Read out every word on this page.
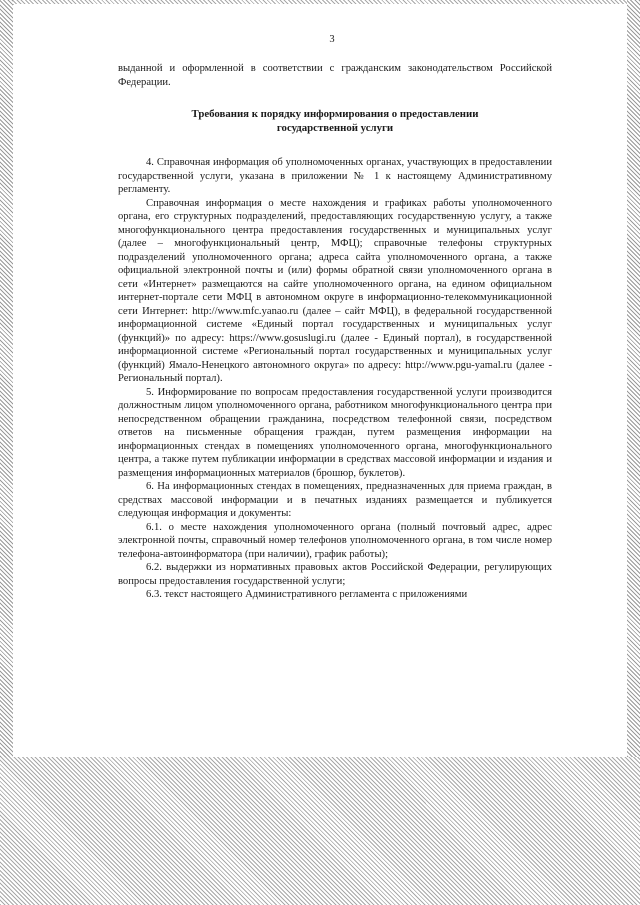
3

выданной и оформленной в соответствии с гражданским законодательством Российской Федерации.

Требования к порядку информирования о предоставлении
государственной услуги

4. Справочная информация об уполномоченных органах, участвующих в предоставлении государственной услуги, указана в приложении № 1 к настоящему Административному регламенту.

Справочная информация о месте нахождения и графиках работы уполномоченного органа, его структурных подразделений, предоставляющих государственную услугу, а также многофункционального центра предоставления государственных и муниципальных услуг (далее – многофункциональный центр, МФЦ); справочные телефоны структурных подразделений уполномоченного органа; адреса сайта уполномоченного органа, а также официальной электронной почты и (или) формы обратной связи уполномоченного органа в сети «Интернет» размещаются на сайте уполномоченного органа, на едином официальном интернет-портале сети МФЦ в автономном округе в информационно-телекоммуникационной сети Интернет: http://www.mfc.yanao.ru (далее – сайт МФЦ), в федеральной государственной информационной системе «Единый портал государственных и муниципальных услуг (функций)» по адресу: https://www.gosuslugi.ru (далее - Единый портал), в государственной информационной системе «Региональный портал государственных и муниципальных услуг (функций) Ямало-Ненецкого автономного округа» по адресу: http://www.pgu-yamal.ru (далее - Региональный портал).

5. Информирование по вопросам предоставления государственной услуги производится должностным лицом уполномоченного органа, работником многофункционального центра при непосредственном обращении гражданина, посредством телефонной связи, посредством ответов на письменные обращения граждан, путем размещения информации на информационных стендах в помещениях уполномоченного органа, многофункционального центра, а также путем публикации информации в средствах массовой информации и издания и размещения информационных материалов (брошюр, буклетов).

6. На информационных стендах в помещениях, предназначенных для приема граждан, в средствах массовой информации и в печатных изданиях размещается и публикуется следующая информация и документы:

6.1. о месте нахождения уполномоченного органа (полный почтовый адрес, адрес электронной почты, справочный номер телефонов уполномоченного органа, в том числе номер телефона-автоинформатора (при наличии), график работы);

6.2. выдержки из нормативных правовых актов Российской Федерации, регулирующих вопросы предоставления государственной услуги;

6.3. текст настоящего Административного регламента с приложениями
